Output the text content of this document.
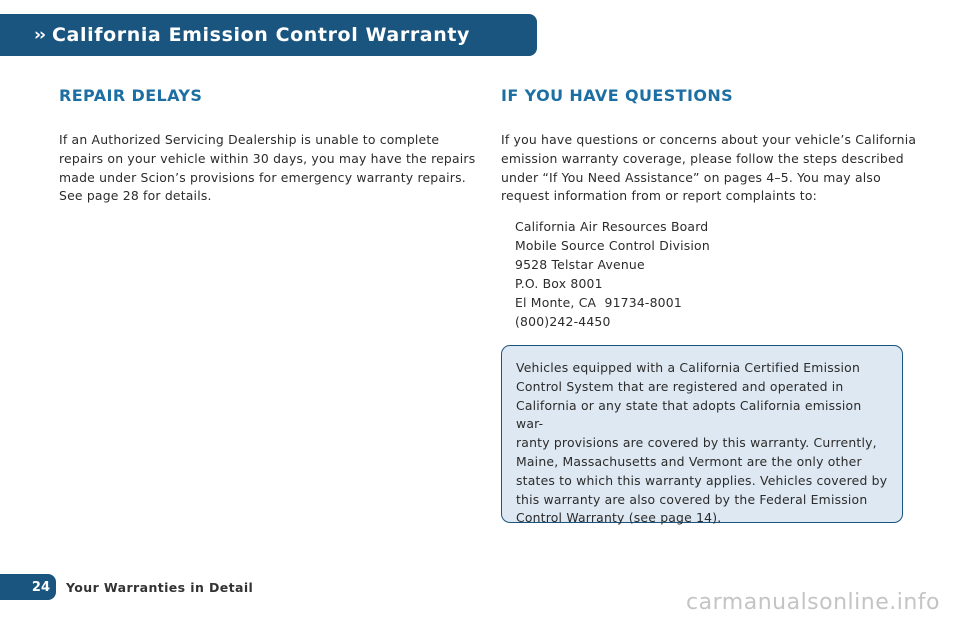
›› California Emission Control Warranty
REPAIR DELAYS
If an Authorized Servicing Dealership is unable to complete
repairs on your vehicle within 30 days, you may have the repairs
made under Scion’s provisions for emergency warranty repairs.
See page 28 for details.
IF YOU HAVE QUESTIONS
If you have questions or concerns about your vehicle’s California
emission warranty coverage, please follow the steps described
under “If You Need Assistance” on pages 4–5. You may also
request information from or report complaints to:
California Air Resources Board
Mobile Source Control Division
9528 Telstar Avenue
P.O. Box 8001
El Monte, CA  91734-8001
(800)242-4450

Vehicles equipped with a California Certified Emission

Control System that are registered and operated in

California or any state that adopts California emission war-

ranty provisions are covered by this warranty. Currently,

Maine, Massachusetts and Vermont are the only other

states to which this warranty applies. Vehicles covered by

this warranty are also covered by the Federal Emission

Control Warranty (see page 14).

24	Your Warranties in Detail
carmanualsonline.info
